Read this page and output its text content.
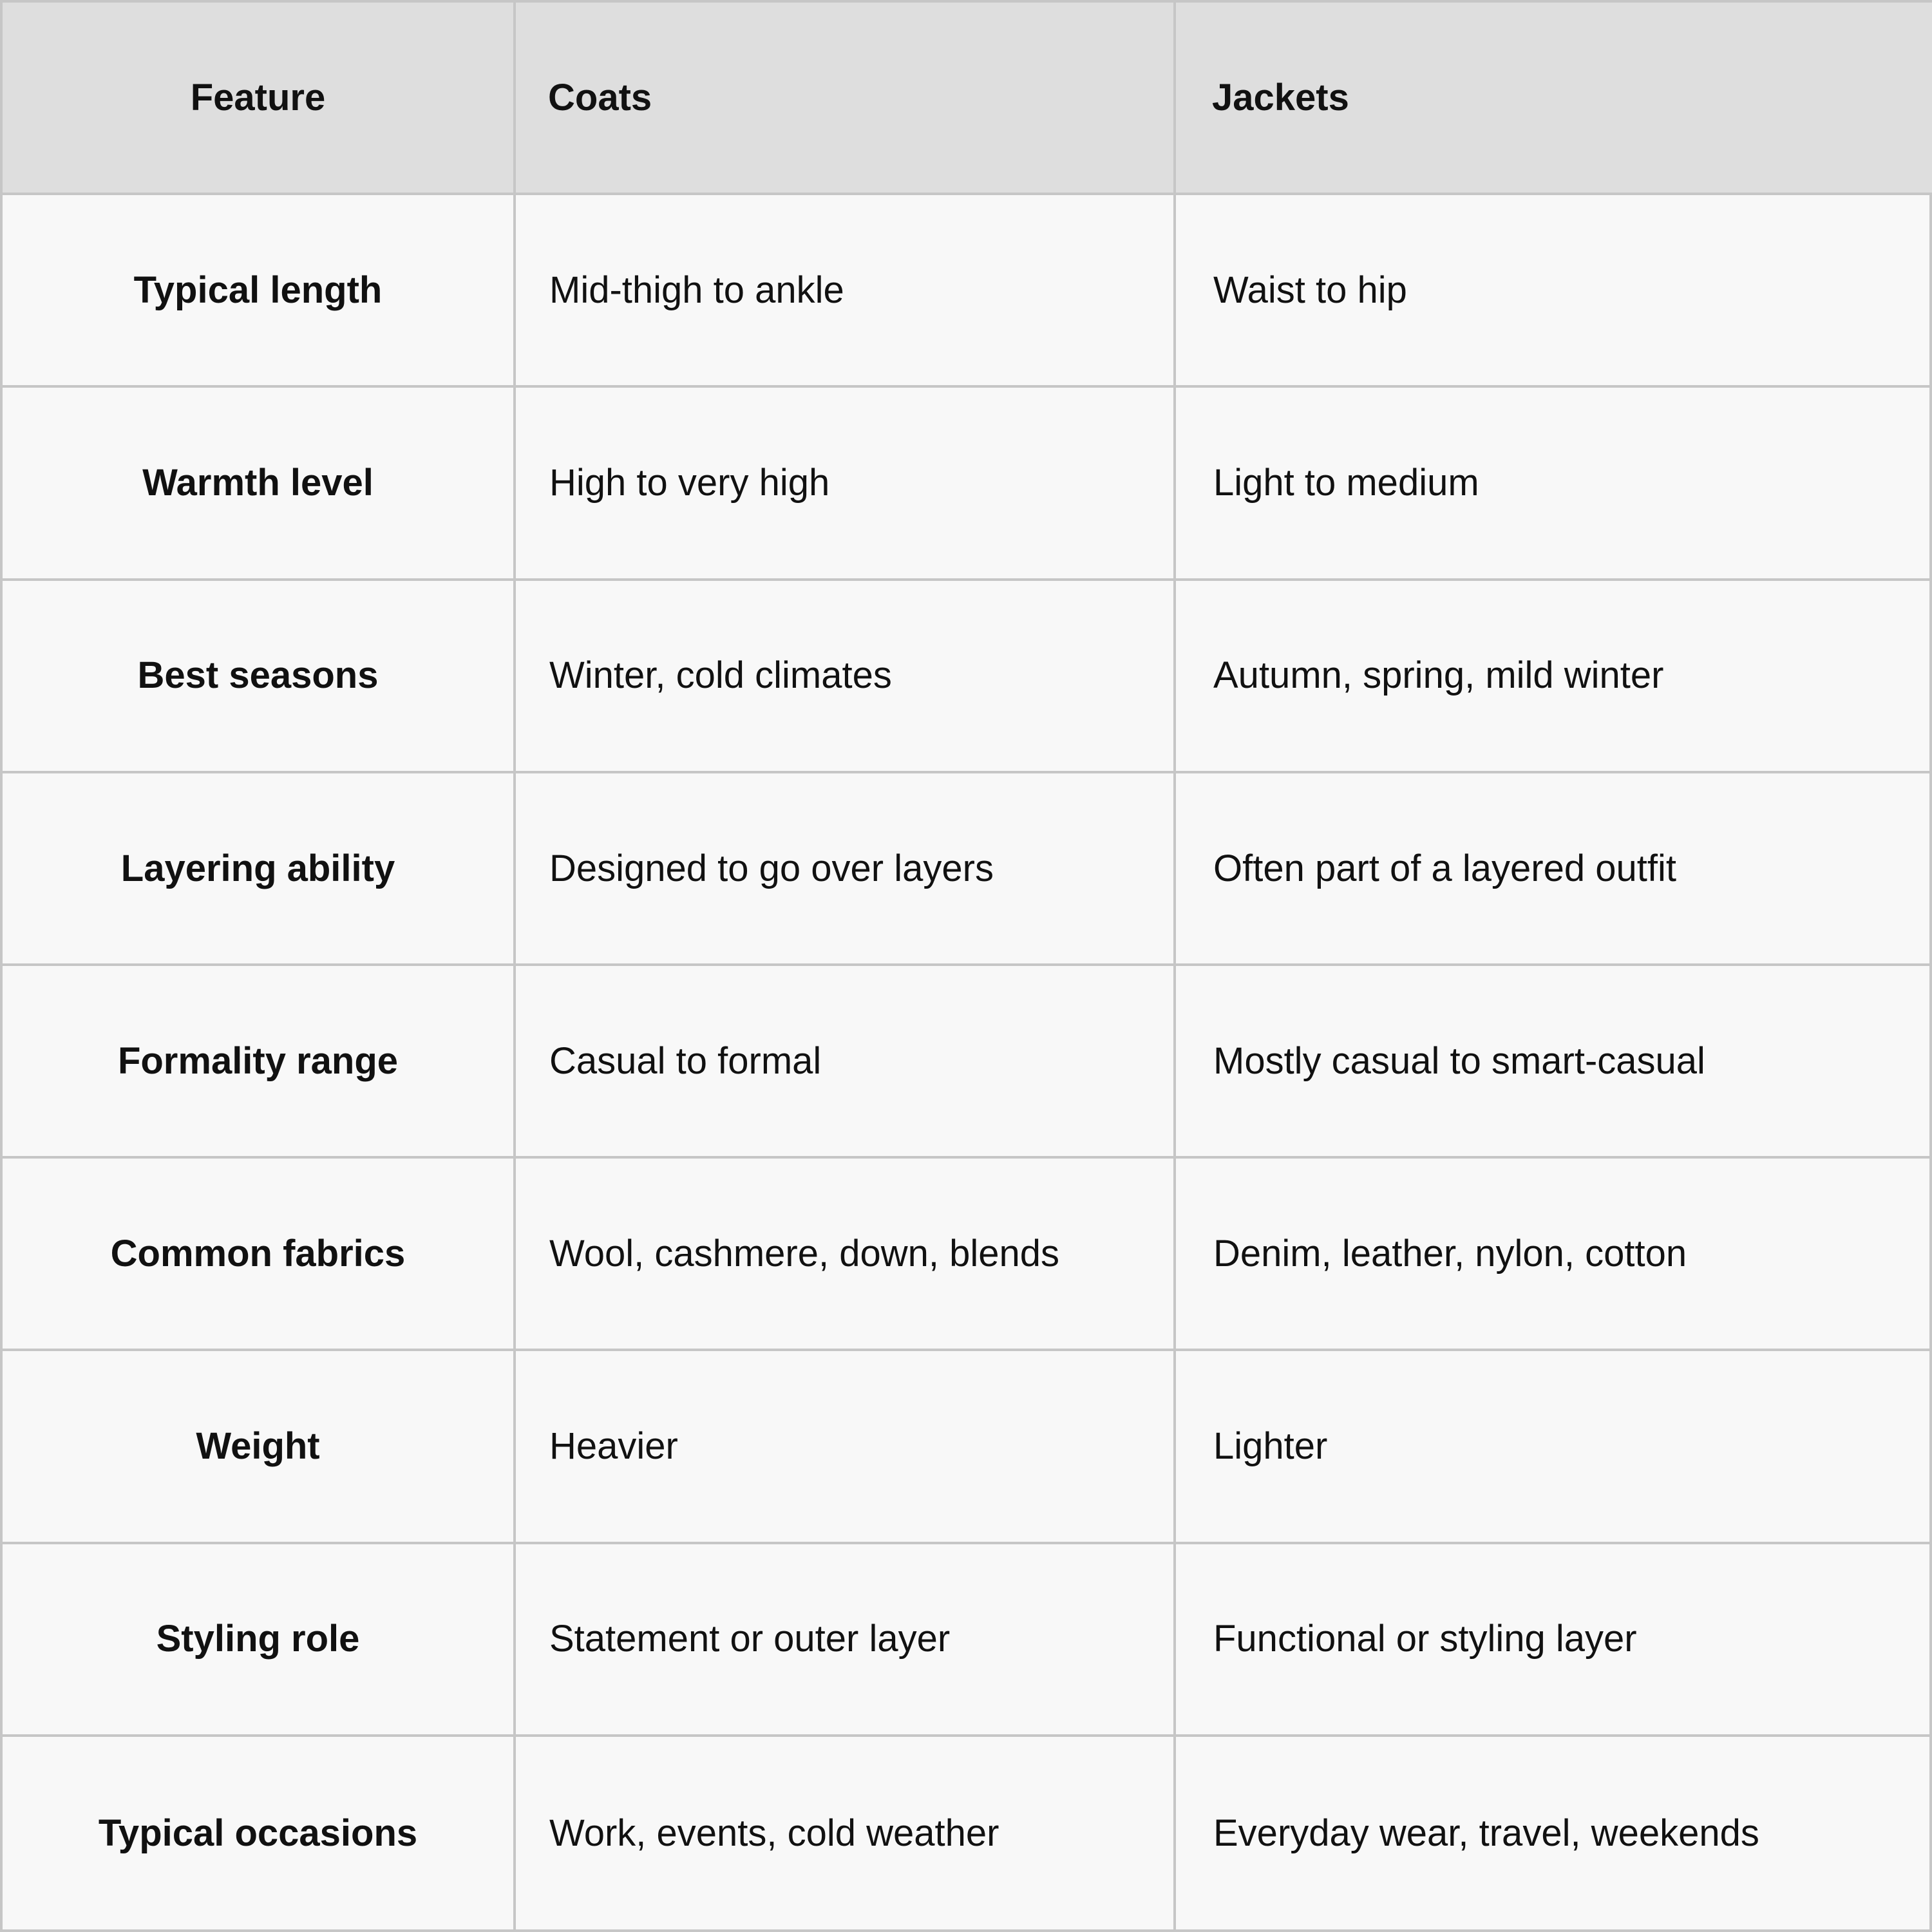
Feature	Coats	Jackets
Typical length	Mid-thigh to ankle	Waist to hip
Warmth level	High to very high	Light to medium
Best seasons	Winter, cold climates	Autumn, spring, mild winter
Layering ability	Designed to go over layers	Often part of a layered outfit
Formality range	Casual to formal	Mostly casual to smart-casual
Common fabrics	Wool, cashmere, down, blends	Denim, leather, nylon, cotton
Weight	Heavier	Lighter
Styling role	Statement or outer layer	Functional or styling layer
Typical occasions	Work, events, cold weather	Everyday wear, travel, weekends
